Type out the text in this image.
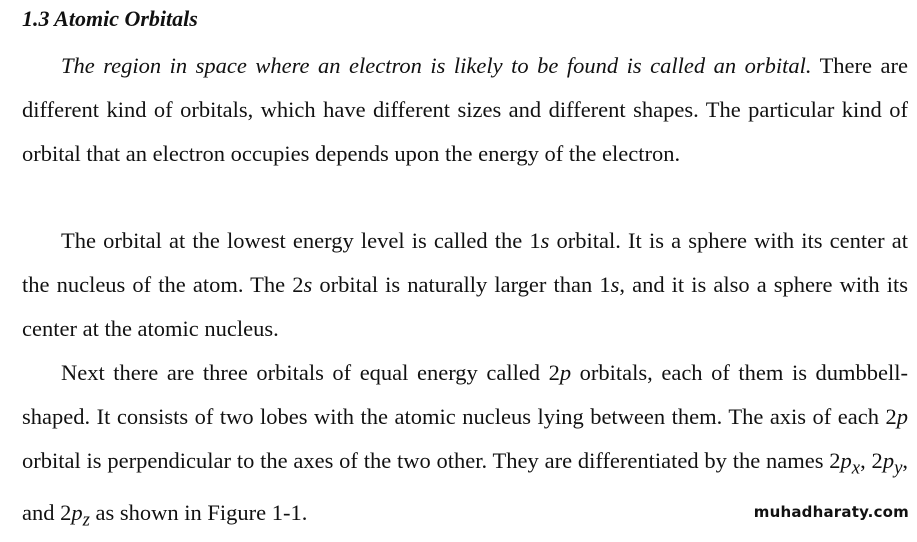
1.3 Atomic Orbitals

The region in space where an electron is likely to be found is called an orbital. There are different kind of orbitals, which have different sizes and different shapes. The particular kind of orbital that an electron occupies depends upon the energy of the electron.

The orbital at the lowest energy level is called the 1s orbital. It is a sphere with its center at the nucleus of the atom. The 2s orbital is naturally larger than 1s, and it is also a sphere with its center at the atomic nucleus.

Next there are three orbitals of equal energy called 2p orbitals, each of them is dumbbell-shaped. It consists of two lobes with the atomic nucleus lying between them. The axis of each 2p orbital is perpendicular to the axes of the two other. They are differentiated by the names $2p_x$, $2p_y$, and $2p_z$ as shown in Figure 1-1.	muhadharaty.com
